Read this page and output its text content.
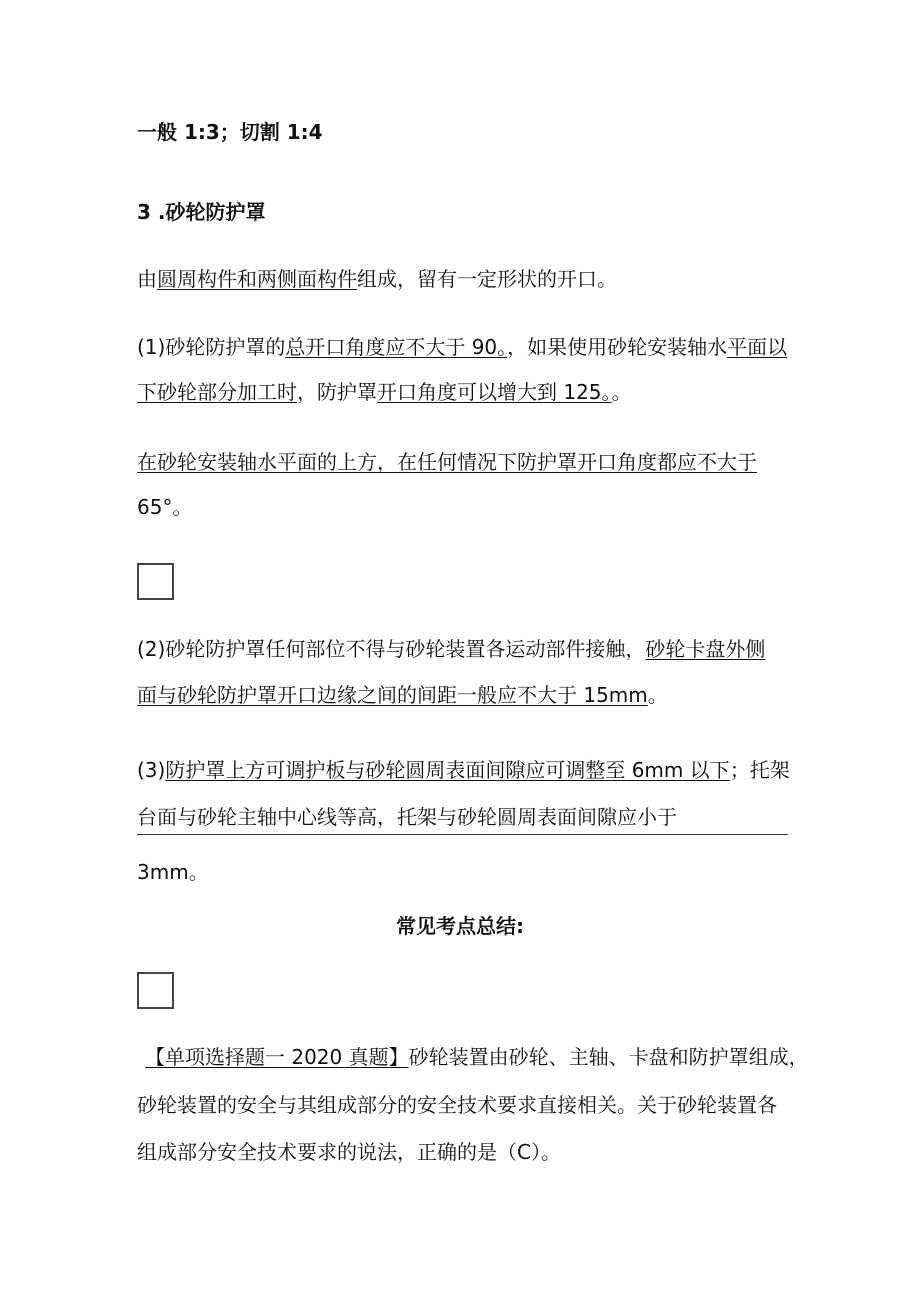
一般 1:3；切割 1:4
3 .砂轮防护罩
由圆周构件和两侧面构件组成，留有一定形状的开口。
(1)砂轮防护罩的总开口角度应不大于 90。，如果使用砂轮安装轴水平面以
下砂轮部分加工时，防护罩开口角度可以增大到 125。。
在砂轮安装轴水平面的上方，在任何情况下防护罩开口角度都应不大于
65°。
(2)砂轮防护罩任何部位不得与砂轮装置各运动部件接触，砂轮卡盘外侧
面与砂轮防护罩开口边缘之间的间距一般应不大于 15mm。
(3)防护罩上方可调护板与砂轮圆周表面间隙应可调整至 6mm 以下；托架
台面与砂轮主轴中心线等高，托架与砂轮圆周表面间隙应小于
3mm。
常见考点总结:
【单项选择题一 2020 真题】砂轮装置由砂轮、主轴、卡盘和防护罩组成，
砂轮装置的安全与其组成部分的安全技术要求直接相关。关于砂轮装置各
组成部分安全技术要求的说法，正确的是（C）。
